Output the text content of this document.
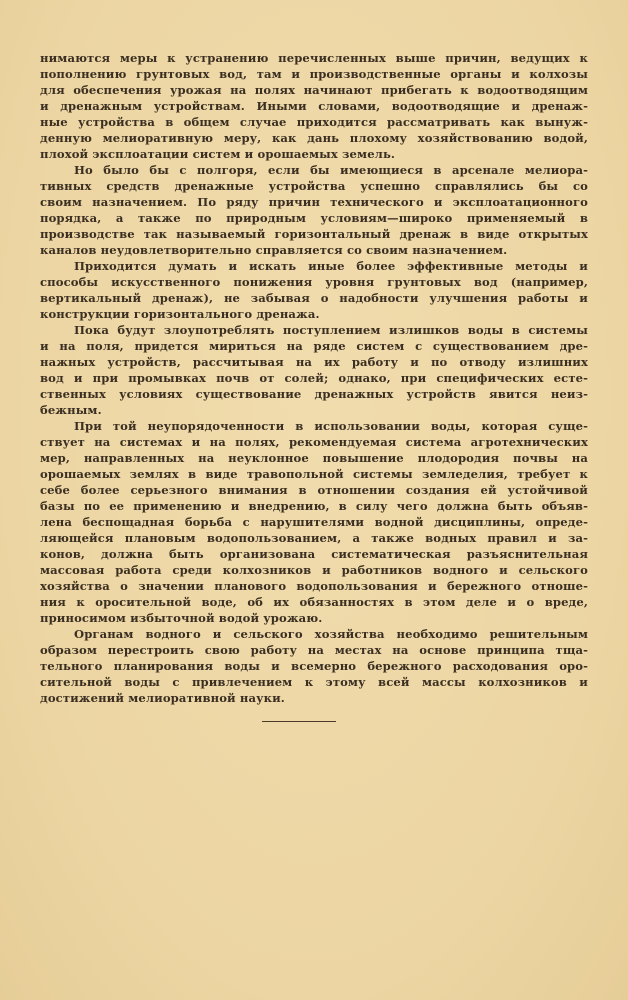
нимаются меры к устранению перечисленных выше причин, ведущих к
пополнению грунтовых вод, там и производственные органы и колхозы
для обеспечения урожая на полях начинают прибегать к водоотводящим
и дренажным устройствам. Иными словами, водоотводящие и дренаж-
ные устройства в общем случае приходится рассматривать как вынуж-
денную мелиоративную меру, как дань плохому хозяйствованию водой,
плохой эксплоатации систем и орошаемых земель.
Но было бы с полгоря, если бы имеющиеся в арсенале мелиора-
тивных средств дренажные устройства успешно справлялись бы со
своим назначением. По ряду причин технического и эксплоатационного
порядка, а также по природным условиям—широко применяемый в
производстве так называемый горизонтальный дренаж в виде открытых
каналов неудовлетворительно справляется со своим назначением.
Приходится думать и искать иные более эффективные методы и
способы искусственного понижения уровня грунтовых вод (например,
вертикальный дренаж), не забывая о надобности улучшения работы и
конструкции горизонтального дренажа.
Пока будут злоупотреблять поступлением излишков воды в системы
и на поля, придется мириться на ряде систем с существованием дре-
нажных устройств, рассчитывая на их работу и по отводу излишних
вод и при промывках почв от солей; однако, при специфических есте-
ственных условиях существование дренажных устройств явится неиз-
бежным.
При той неупорядоченности в использовании воды, которая суще-
ствует на системах и на полях, рекомендуемая система агротехнических
мер, направленных на неуклонное повышение плодородия почвы на
орошаемых землях в виде травопольной системы земледелия, требует к
себе более серьезного внимания в отношении создания ей устойчивой
базы по ее применению и внедрению, в силу чего должна быть объяв-
лена беспощадная борьба с нарушителями водной дисциплины, опреде-
ляющейся плановым водопользованием, а также водных правил и за-
конов, должна быть организована систематическая разъяснительная
массовая работа среди колхозников и работников водного и сельского
хозяйства о значении планового водопользования и бережного отноше-
ния к оросительной воде, об их обязанностях в этом деле и о вреде,
приносимом избыточной водой урожаю.
Органам водного и сельского хозяйства необходимо решительным
образом перестроить свою работу на местах на основе принципа тща-
тельного планирования воды и всемерно бережного расходования оро-
сительной воды с привлечением к этому всей массы колхозников и
достижений мелиоративной науки.
